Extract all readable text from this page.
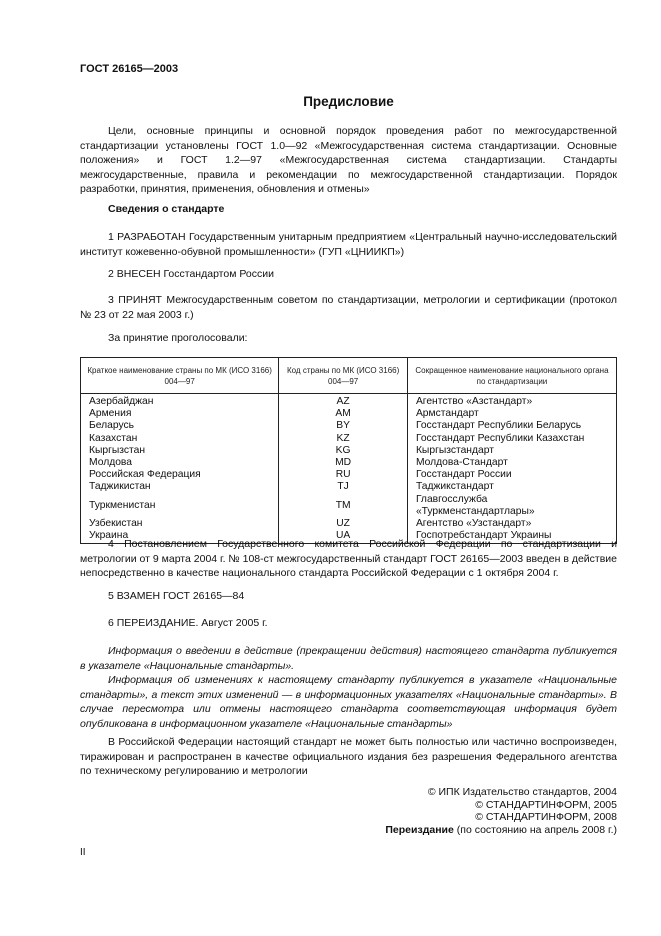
ГОСТ 26165—2003
Предисловие
Цели, основные принципы и основной порядок проведения работ по межгосударственной стандартизации установлены ГОСТ 1.0—92 «Межгосударственная система стандартизации. Основные положения» и ГОСТ 1.2—97 «Межгосударственная система стандартизации. Стандарты межгосударственные, правила и рекомендации по межгосударственной стандартизации. Порядок разработки, принятия, применения, обновления и отмены»
Сведения о стандарте
1 РАЗРАБОТАН Государственным унитарным предприятием «Центральный научно-исследовательский институт кожевенно-обувной промышленности» (ГУП «ЦНИИКП»)
2 ВНЕСЕН Госстандартом России
3 ПРИНЯТ Межгосударственным советом по стандартизации, метрологии и сертификации (протокол № 23 от 22 мая 2003 г.)
За принятие проголосовали:
Краткое наименование страны по МК (ИСО 3166) 004—97	Код страны по МК (ИСО 3166) 004—97	Сокращенное наименование национального органа по стандартизации
Азербайджан	AZ	Агентство «Азстандарт»
Армения	AM	Армстандарт
Беларусь	BY	Госстандарт Республики Беларусь
Казахстан	KZ	Госстандарт Республики Казахстан
Кыргызстан	KG	Кыргызстандарт
Молдова	MD	Молдова-Стандарт
Российская Федерация	RU	Госстандарт России
Таджикистан	TJ	Таджикстандарт
Туркменистан	TM	Главгосслужба «Туркменстандартлары»
Узбекистан	UZ	Агентство «Узстандарт»
Украина	UA	Госпотребстандарт Украины
4 Постановлением Государственного комитета Российской Федерации по стандартизации и метрологии от 9 марта 2004 г. № 108-ст межгосударственный стандарт ГОСТ 26165—2003 введен в действие непосредственно в качестве национального стандарта Российской Федерации с 1 октября 2004 г.
5 ВЗАМЕН ГОСТ 26165—84
6 ПЕРЕИЗДАНИЕ. Август 2005 г.
Информация о введении в действие (прекращении действия) настоящего стандарта публикуется в указателе «Национальные стандарты».
Информация об изменениях к настоящему стандарту публикуется в указателе «Национальные стандарты», а текст этих изменений — в информационных указателях «Национальные стандарты». В случае пересмотра или отмены настоящего стандарта соответствующая информация будет опубликована в информационном указателе «Национальные стандарты»
В Российской Федерации настоящий стандарт не может быть полностью или частично воспроизведен, тиражирован и распространен в качестве официального издания без разрешения Федерального агентства по техническому регулированию и метрологии
© ИПК Издательство стандартов, 2004
© СТАНДАРТИНФОРМ, 2005
© СТАНДАРТИНФОРМ, 2008
Переиздание (по состоянию на апрель 2008 г.)
II
